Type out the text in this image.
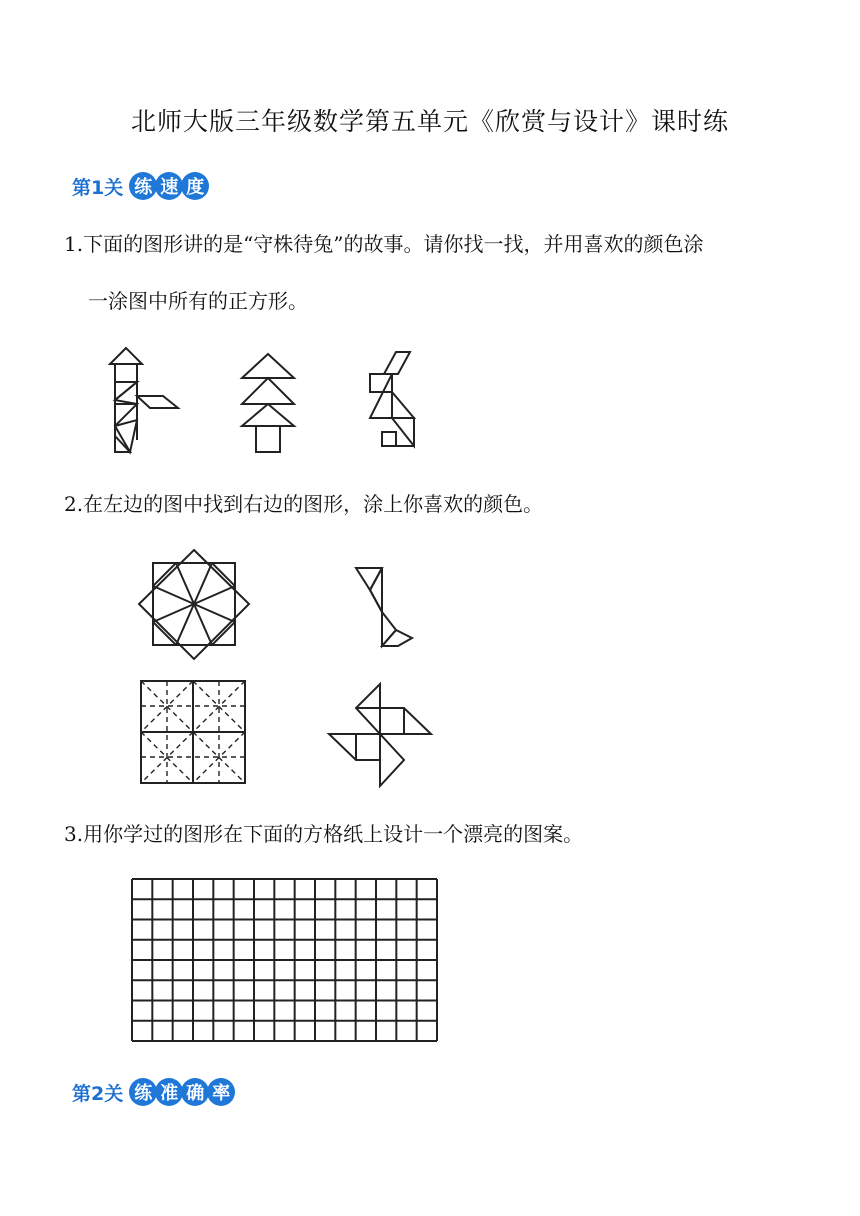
北师大版三年级数学第五单元《欣赏与设计》课时练
第1关 练 速 度
1.下面的图形讲的是“守株待兔”的故事。请你找一找，并用喜欢的颜色涂
一涂图中所有的正方形。
2.在左边的图中找到右边的图形，涂上你喜欢的颜色。
3.用你学过的图形在下面的方格纸上设计一个漂亮的图案。
第2关 练 准 确 率
